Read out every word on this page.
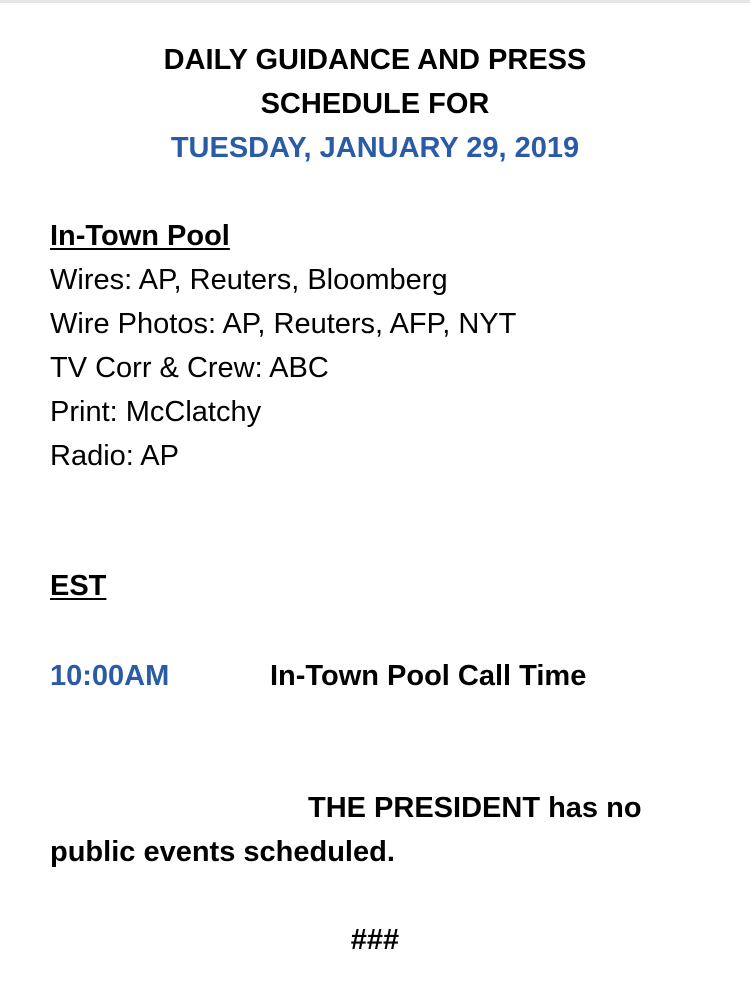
DAILY GUIDANCE AND PRESS
SCHEDULE FOR
TUESDAY, JANUARY 29, 2019
In-Town Pool
Wires: AP, Reuters, Bloomberg
Wire Photos: AP, Reuters, AFP, NYT
TV Corr & Crew: ABC
Print: McClatchy
Radio: AP
EST
10:00AM	In-Town Pool Call Time
THE PRESIDENT has no
public events scheduled.
###
